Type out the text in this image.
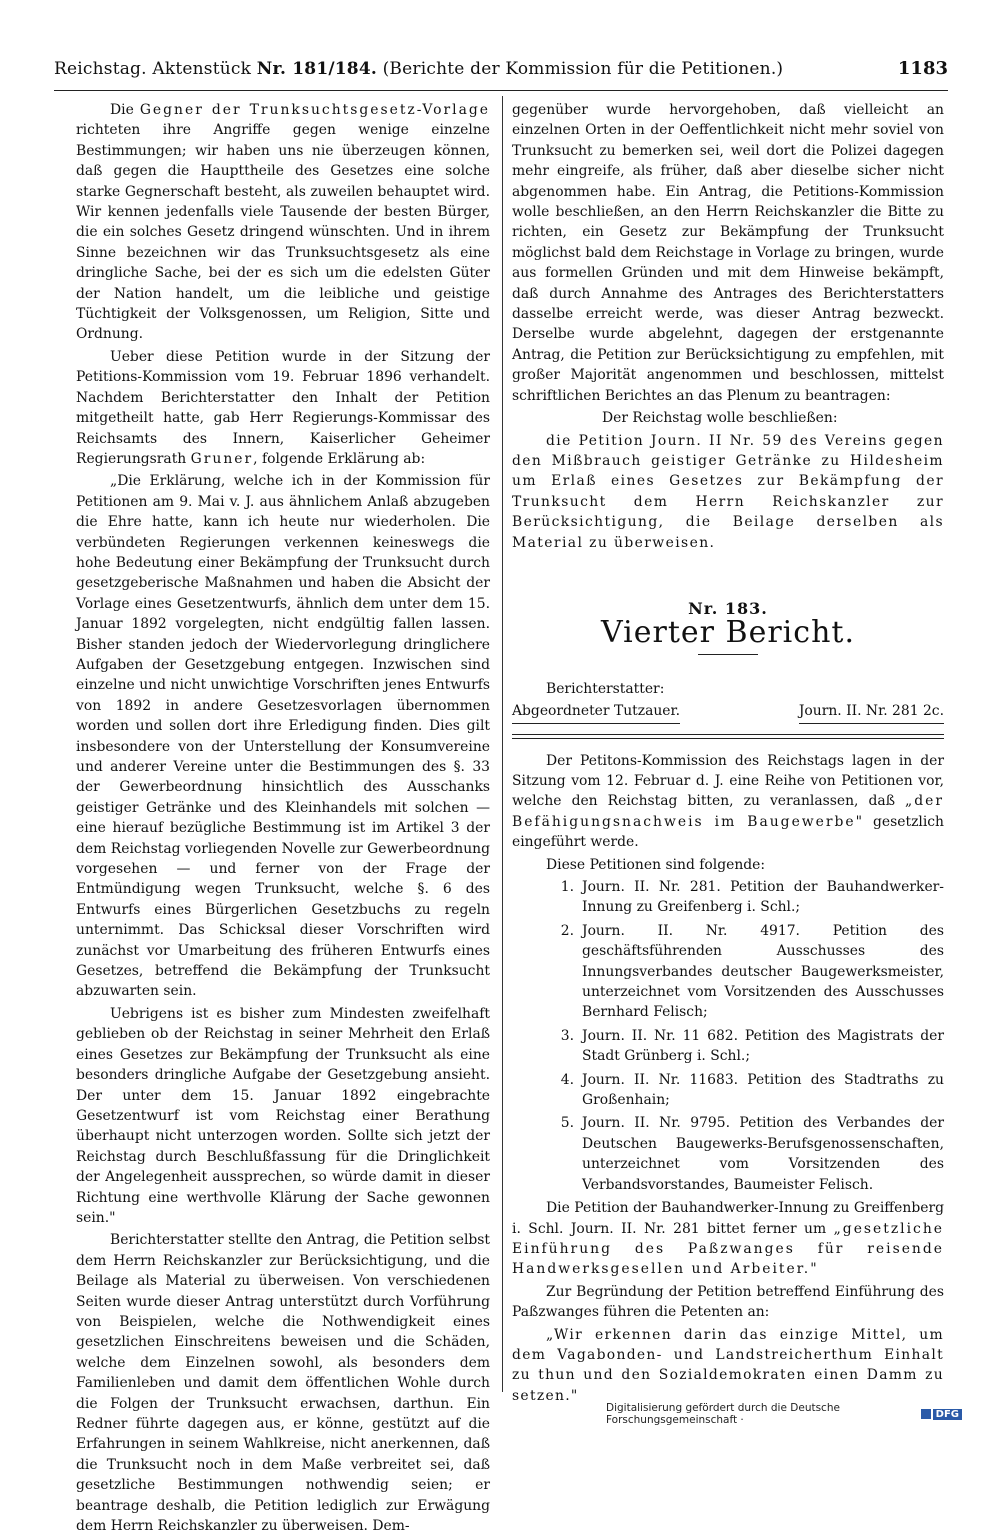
Reichstag. Aktenstück Nr. 181/184. (Berichte der Kommission für die Petitionen.)	1183

Die Gegner der Trunksuchtsgesetz-Vorlage richteten ihre Angriffe gegen wenige einzelne Bestimmungen; wir haben uns nie überzeugen können, daß gegen die Haupttheile des Gesetzes eine solche starke Gegnerschaft besteht, als zuweilen behauptet wird. Wir kennen jedenfalls viele Tausende der besten Bürger, die ein solches Gesetz dringend wünschten. Und in ihrem Sinne bezeichnen wir das Trunksuchtsgesetz als eine dringliche Sache, bei der es sich um die edelsten Güter der Nation handelt, um die leibliche und geistige Tüchtigkeit der Volksgenossen, um Religion, Sitte und Ordnung.

Ueber diese Petition wurde in der Sitzung der Petitions-Kommission vom 19. Februar 1896 verhandelt. Nachdem Berichterstatter den Inhalt der Petition mitgetheilt hatte, gab Herr Regierungs-Kommissar des Reichsamts des Innern, Kaiserlicher Geheimer Regierungsrath Gruner, folgende Erklärung ab:

„Die Erklärung, welche ich in der Kommission für Petitionen am 9. Mai v. J. aus ähnlichem Anlaß abzugeben die Ehre hatte, kann ich heute nur wiederholen. Die verbündeten Regierungen verkennen keineswegs die hohe Bedeutung einer Bekämpfung der Trunksucht durch gesetzgeberische Maßnahmen und haben die Absicht der Vorlage eines Gesetzentwurfs, ähnlich dem unter dem 15. Januar 1892 vorgelegten, nicht endgültig fallen lassen. Bisher standen jedoch der Wiedervorlegung dringlichere Aufgaben der Gesetzgebung entgegen. Inzwischen sind einzelne und nicht unwichtige Vorschriften jenes Entwurfs von 1892 in andere Gesetzesvorlagen übernommen worden und sollen dort ihre Erledigung finden. Dies gilt insbesondere von der Unterstellung der Konsumvereine und anderer Vereine unter die Bestimmungen des §. 33 der Gewerbeordnung hinsichtlich des Ausschanks geistiger Getränke und des Kleinhandels mit solchen — eine hierauf bezügliche Bestimmung ist im Artikel 3 der dem Reichstag vorliegenden Novelle zur Gewerbeordnung vorgesehen — und ferner von der Frage der Entmündigung wegen Trunksucht, welche §. 6 des Entwurfs eines Bürgerlichen Gesetzbuchs zu regeln unternimmt. Das Schicksal dieser Vorschriften wird zunächst vor Umarbeitung des früheren Entwurfs eines Gesetzes, betreffend die Bekämpfung der Trunksucht abzuwarten sein.

Uebrigens ist es bisher zum Mindesten zweifelhaft geblieben ob der Reichstag in seiner Mehrheit den Erlaß eines Gesetzes zur Bekämpfung der Trunksucht als eine besonders dringliche Aufgabe der Gesetzgebung ansieht. Der unter dem 15. Januar 1892 eingebrachte Gesetzentwurf ist vom Reichstag einer Berathung überhaupt nicht unterzogen worden. Sollte sich jetzt der Reichstag durch Beschlußfassung für die Dringlichkeit der Angelegenheit aussprechen, so würde damit in dieser Richtung eine werthvolle Klärung der Sache gewonnen sein."

Berichterstatter stellte den Antrag, die Petition selbst dem Herrn Reichskanzler zur Berücksichtigung, und die Beilage als Material zu überweisen. Von verschiedenen Seiten wurde dieser Antrag unterstützt durch Vorführung von Beispielen, welche die Nothwendigkeit eines gesetzlichen Einschreitens beweisen und die Schäden, welche dem Einzelnen sowohl, als besonders dem Familienleben und damit dem öffentlichen Wohle durch die Folgen der Trunksucht erwachsen, darthun. Ein Redner führte dagegen aus, er könne, gestützt auf die Erfahrungen in seinem Wahlkreise, nicht anerkennen, daß die Trunksucht noch in dem Maße verbreitet sei, daß gesetzliche Bestimmungen nothwendig seien; er beantrage deshalb, die Petition lediglich zur Erwägung dem Herrn Reichskanzler zu überweisen. Dem-

gegenüber wurde hervorgehoben, daß vielleicht an einzelnen Orten in der Oeffentlichkeit nicht mehr soviel von Trunksucht zu bemerken sei, weil dort die Polizei dagegen mehr eingreife, als früher, daß aber dieselbe sicher nicht abgenommen habe. Ein Antrag, die Petitions-Kommission wolle beschließen, an den Herrn Reichskanzler die Bitte zu richten, ein Gesetz zur Bekämpfung der Trunksucht möglichst bald dem Reichstage in Vorlage zu bringen, wurde aus formellen Gründen und mit dem Hinweise bekämpft, daß durch Annahme des Antrages des Berichterstatters dasselbe erreicht werde, was dieser Antrag bezweckt. Derselbe wurde abgelehnt, dagegen der erstgenannte Antrag, die Petition zur Berücksichtigung zu empfehlen, mit großer Majorität angenommen und beschlossen, mittelst schriftlichen Berichtes an das Plenum zu beantragen:

Der Reichstag wolle beschließen:

die Petition Journ. II Nr. 59 des Vereins gegen den Mißbrauch geistiger Getränke zu Hildesheim um Erlaß eines Gesetzes zur Bekämpfung der Trunksucht dem Herrn Reichskanzler zur Berücksichtigung, die Beilage derselben als Material zu überweisen.

Nr. 183.
Vierter Bericht.

Berichterstatter:

Abgeordneter Tutzauer.	Journ. II. Nr. 281 2c.

Der Petitons-Kommission des Reichstags lagen in der Sitzung vom 12. Februar d. J. eine Reihe von Petitionen vor, welche den Reichstag bitten, zu veranlassen, daß „der Befähigungsnachweis im Baugewerbe" gesetzlich eingeführt werde.

Diese Petitionen sind folgende:

1. Journ. II. Nr. 281. Petition der Bauhandwerker-Innung zu Greifenberg i. Schl.;
2. Journ. II. Nr. 4917. Petition des geschäftsführenden Ausschusses des Innungsverbandes deutscher Baugewerksmeister, unterzeichnet vom Vorsitzenden des Ausschusses Bernhard Felisch;
3. Journ. II. Nr. 11 682. Petition des Magistrats der Stadt Grünberg i. Schl.;
4. Journ. II. Nr. 11683. Petition des Stadtraths zu Großenhain;
5. Journ. II. Nr. 9795. Petition des Verbandes der Deutschen Baugewerks-Berufsgenossenschaften, unterzeichnet vom Vorsitzenden des Verbandsvorstandes, Baumeister Felisch.

Die Petition der Bauhandwerker-Innung zu Greiffenberg i. Schl. Journ. II. Nr. 281 bittet ferner um „gesetzliche Einführung des Paßzwanges für reisende Handwerksgesellen und Arbeiter."

Zur Begründung der Petition betreffend Einführung des Paßzwanges führen die Petenten an:

„Wir erkennen darin das einzige Mittel, um dem Vagabonden- und Landstreicherthum Einhalt zu thun und den Sozialdemokraten einen Damm zu setzen."

Digitalisierung gefördert durch die Deutsche Forschungsgemeinschaft ·	DFG
